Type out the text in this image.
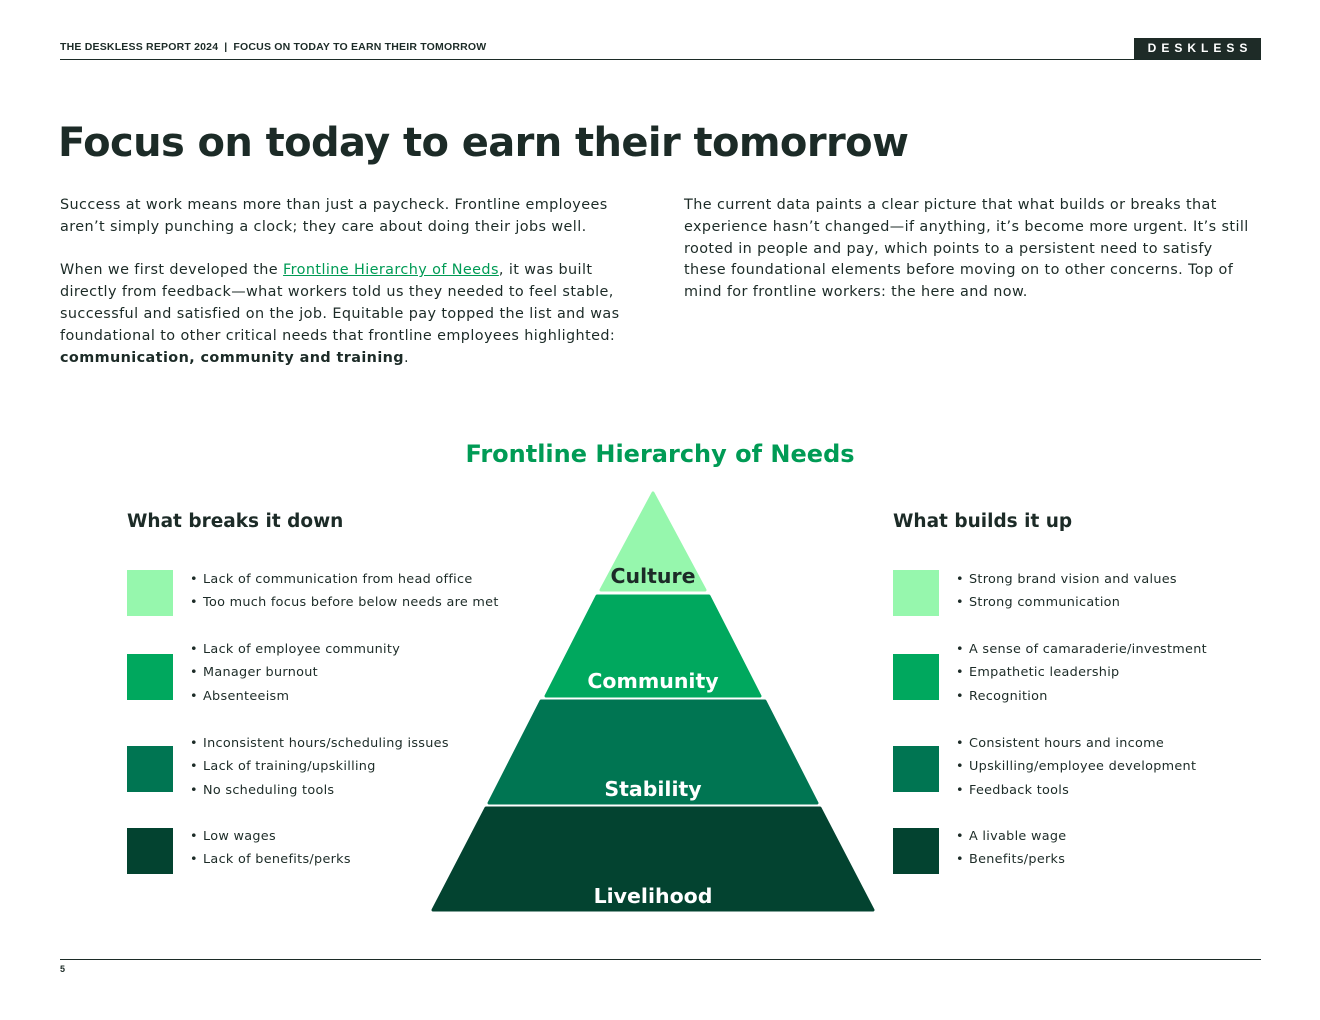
THE DESKLESS REPORT 2024 | FOCUS ON TODAY TO EARN THEIR TOMORROW	DESKLESS
Focus on today to earn their tomorrow

Success at work means more than just a paycheck. Frontline employees aren’t simply punching a clock; they care about doing their jobs well.

When we first developed the Frontline Hierarchy of Needs, it was built directly from feedback—what workers told us they needed to feel stable, successful and satisfied on the job. Equitable pay topped the list and was foundational to other critical needs that frontline employees highlighted: communication, community and training.

The current data paints a clear picture that what builds or breaks that experience hasn’t changed—if anything, it’s become more urgent. It’s still rooted in people and pay, which points to a persistent need to satisfy these foundational elements before moving on to other concerns. Top of mind for frontline workers: the here and now.

Frontline Hierarchy of Needs
What breaks it down	What builds it up
• Lack of communication from head office
• Too much focus before below needs are met
• Lack of employee community
• Manager burnout
• Absenteeism
• Inconsistent hours/scheduling issues
• Lack of training/upskilling
• No scheduling tools
• Low wages
• Lack of benefits/perks
• Strong brand vision and values
• Strong communication
• A sense of camaraderie/investment
• Empathetic leadership
• Recognition
• Consistent hours and income
• Upskilling/employee development
• Feedback tools
• A livable wage
• Benefits/perks
Culture
Community
Stability
Livelihood
5
